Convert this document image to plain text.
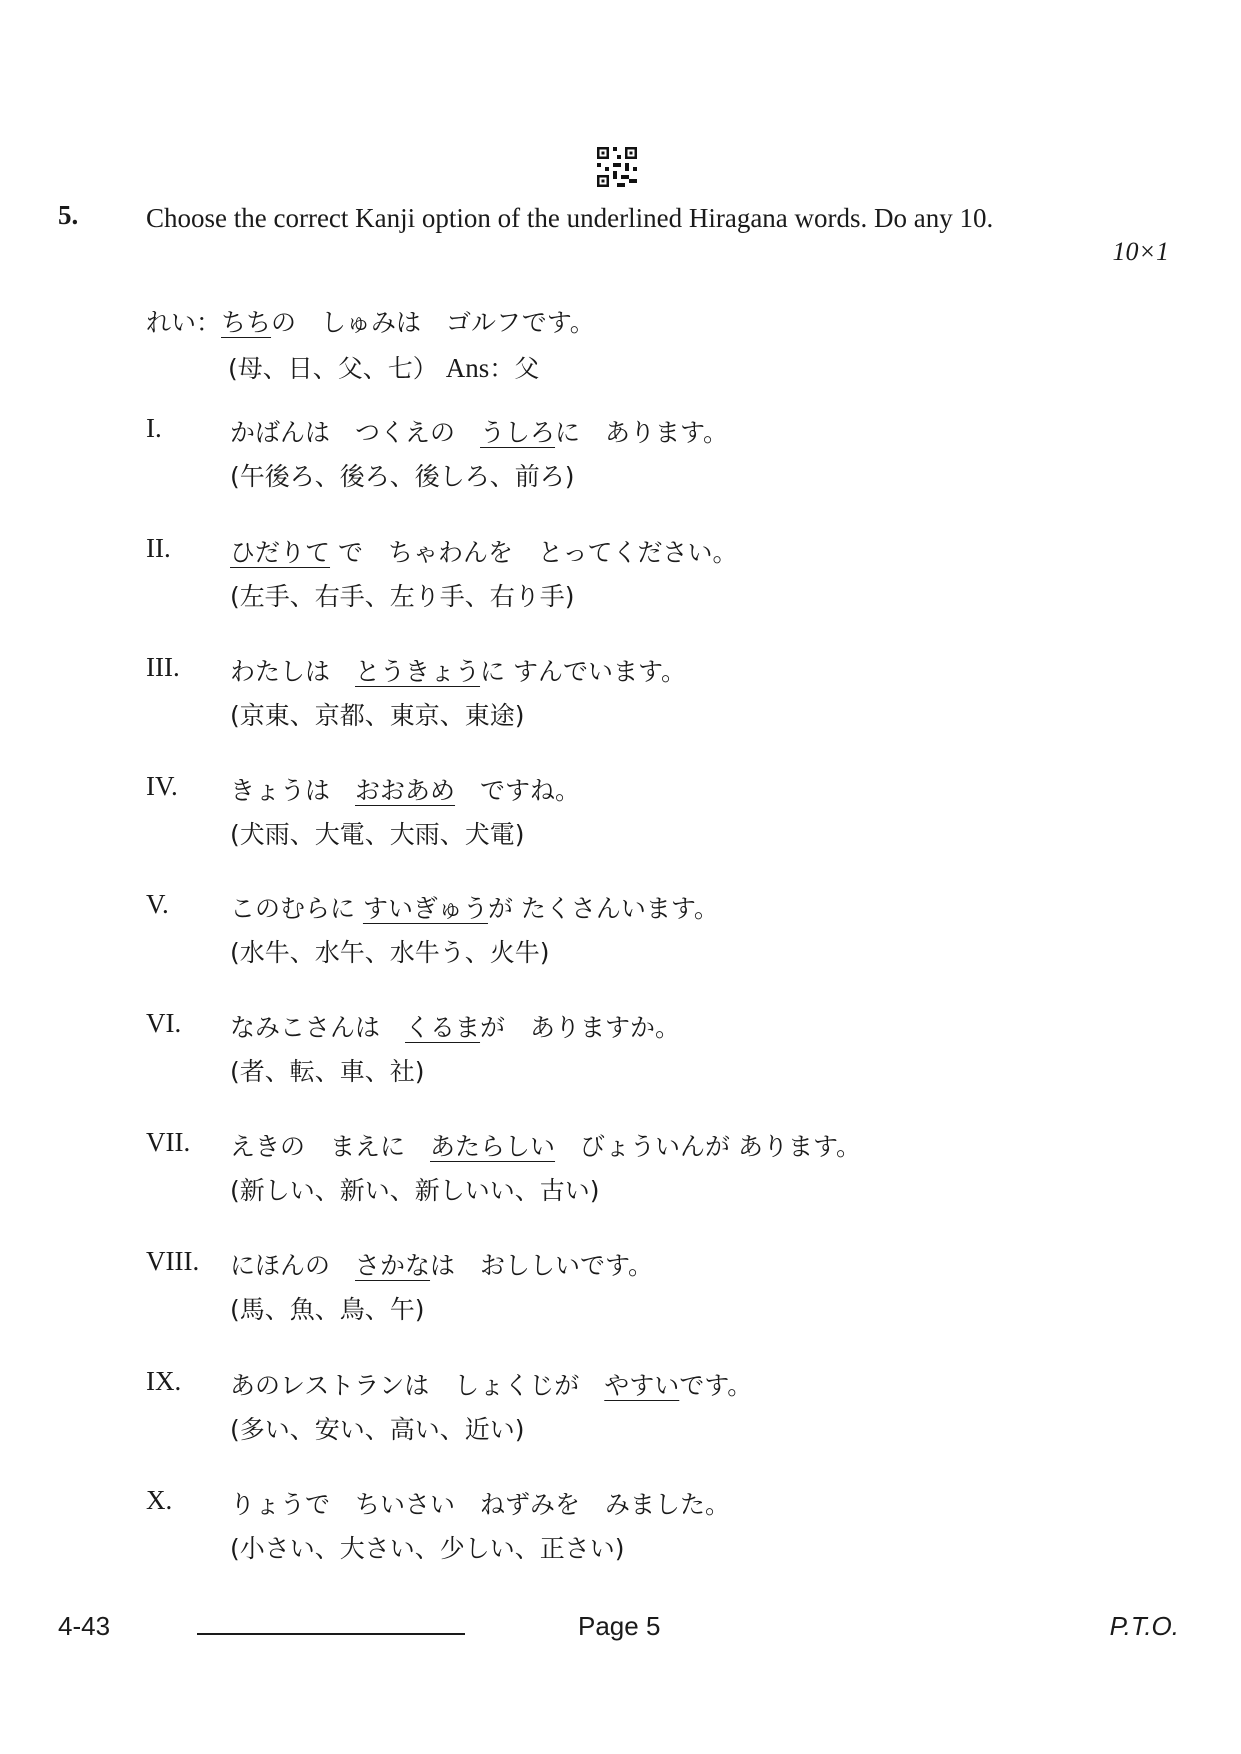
5.	Choose the correct Kanji option of the underlined Hiragana words. Do any 10.
10×1
れい：ちちの　しゅみは　ゴルフです。
(母、日、父、七） Ans：父
I.	かばんは　つくえの　うしろに　あります。
(午後ろ、後ろ、後しろ、前ろ)
II. ひだりて で　ちゃわんを　とってください。
(左手、右手、左り手、右り手)
III. わたしは　とうきょうに すんでいます。
(京東、京都、東京、東途)
IV. きょうは　おおあめ　ですね。
(犬雨、大電、大雨、犬電)
V. このむらに すいぎゅうが たくさんいます。
(水牛、水午、水牛う、火牛)
VI. なみこさんは　くるまが　ありますか。
(者、転、車、社)
VII. えきの　まえに　あたらしい　びょういんが あります。
(新しい、新い、新しいい、古い)
VIII. にほんの　さかなは　おししいです。
(馬、魚、鳥、午)
IX. あのレストランは　しょくじが　やすいです。
(多い、安い、高い、近い)
X. りょうで　ちいさい　ねずみを　みました。
(小さい、大さい、少しい、正さい)
4-43	Page 5	P.T.O.
